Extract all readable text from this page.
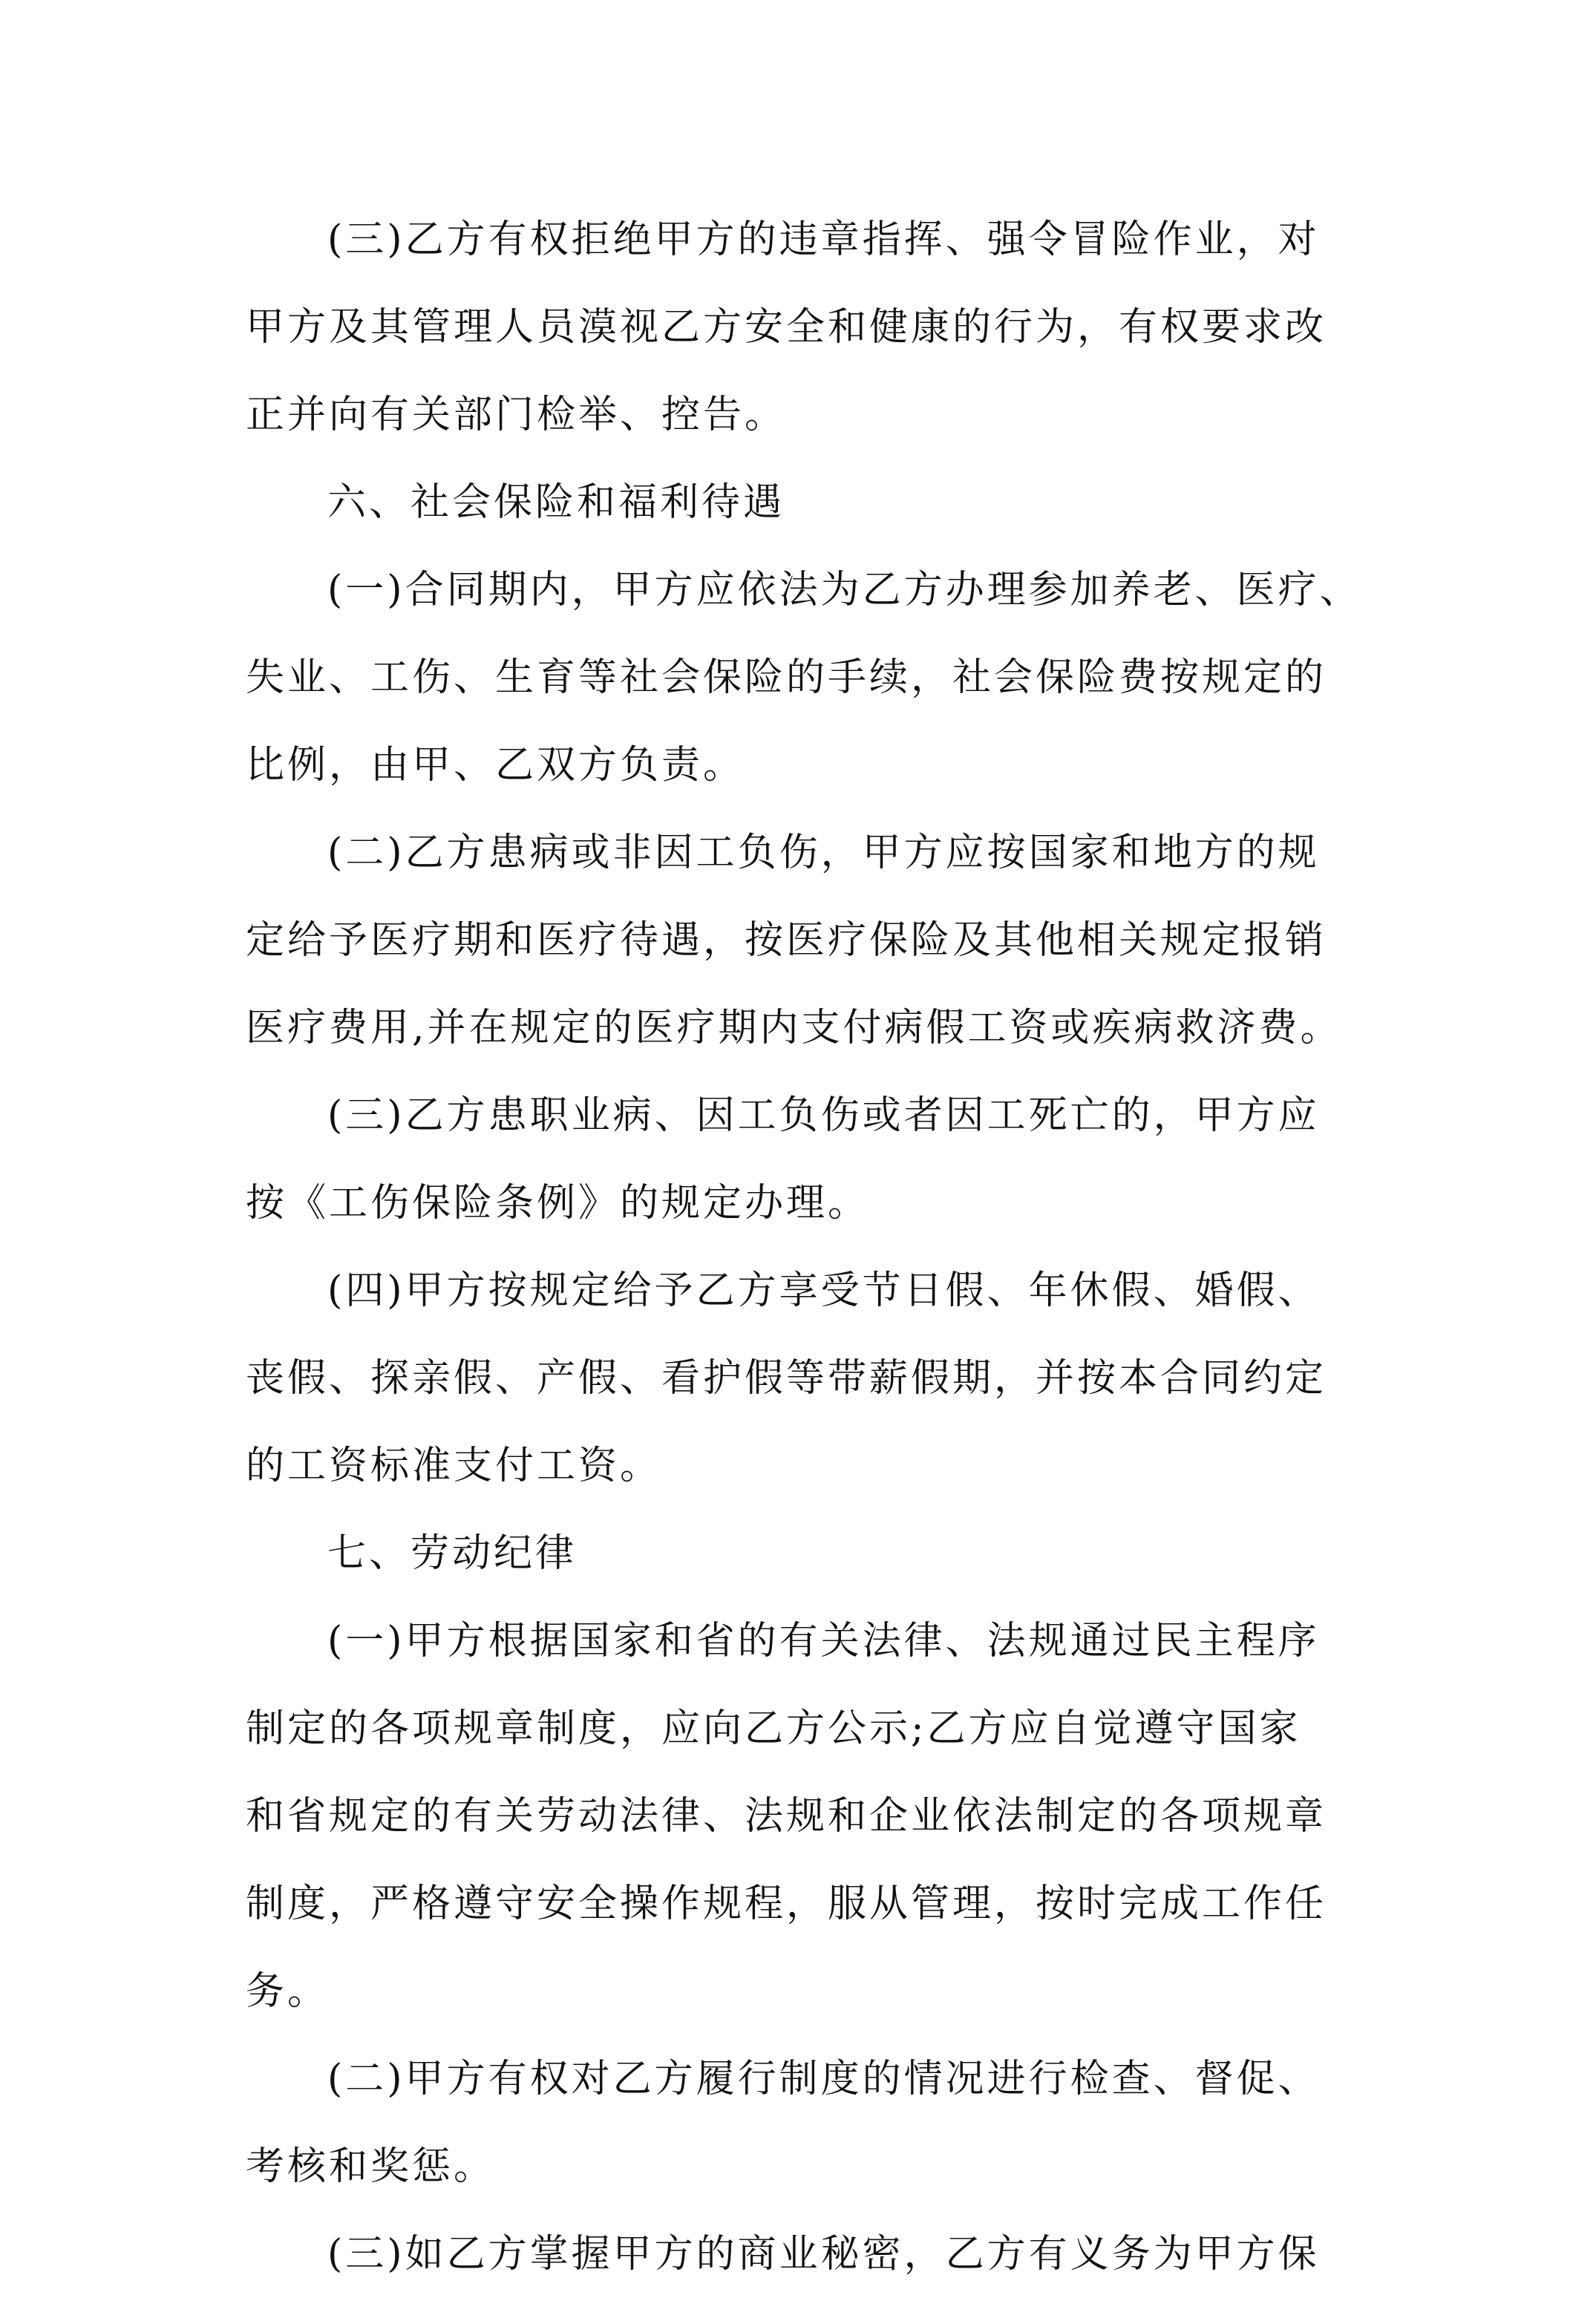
(三)乙方有权拒绝甲方的违章指挥、强令冒险作业，对
甲方及其管理人员漠视乙方安全和健康的行为，有权要求改
正并向有关部门检举、控告。
六、社会保险和福利待遇
(一)合同期内，甲方应依法为乙方办理参加养老、医疗、
失业、工伤、生育等社会保险的手续，社会保险费按规定的
比例，由甲、乙双方负责。
(二)乙方患病或非因工负伤，甲方应按国家和地方的规
定给予医疗期和医疗待遇，按医疗保险及其他相关规定报销
医疗费用,并在规定的医疗期内支付病假工资或疾病救济费。
(三)乙方患职业病、因工负伤或者因工死亡的，甲方应
按《工伤保险条例》的规定办理。
(四)甲方按规定给予乙方享受节日假、年休假、婚假、
丧假、探亲假、产假、看护假等带薪假期，并按本合同约定
的工资标准支付工资。
七、劳动纪律
(一)甲方根据国家和省的有关法律、法规通过民主程序
制定的各项规章制度，应向乙方公示;乙方应自觉遵守国家
和省规定的有关劳动法律、法规和企业依法制定的各项规章
制度，严格遵守安全操作规程，服从管理，按时完成工作任
务。
(二)甲方有权对乙方履行制度的情况进行检查、督促、
考核和奖惩。
(三)如乙方掌握甲方的商业秘密，乙方有义务为甲方保
